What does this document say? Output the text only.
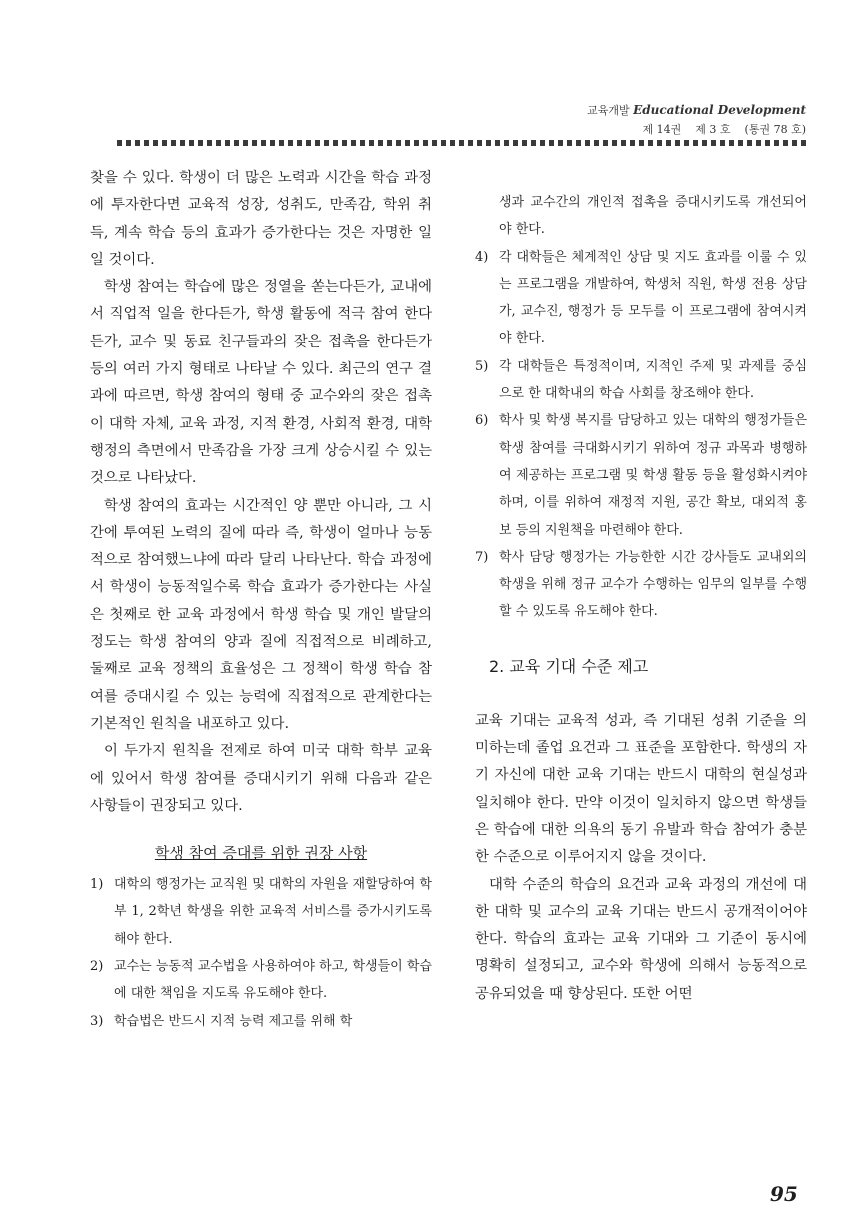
교육개발 Educational Development
제 14권 제 3 호 (통권 78 호)

찾을 수 있다. 학생이 더 많은 노력과 시간을 학습 과정에 투자한다면 교육적 성장, 성취도, 만족감, 학위 취득, 계속 학습 등의 효과가 증가한다는 것은 자명한 일일 것이다.

학생 참여는 학습에 많은 정열을 쏟는다든가, 교내에서 직업적 일을 한다든가, 학생 활동에 적극 참여 한다든가, 교수 및 동료 친구들과의 잦은 접촉을 한다든가 등의 여러 가지 형태로 나타날 수 있다. 최근의 연구 결과에 따르면, 학생 참여의 형태 중 교수와의 잦은 접촉이 대학 자체, 교육 과정, 지적 환경, 사회적 환경, 대학 행정의 측면에서 만족감을 가장 크게 상승시킬 수 있는 것으로 나타났다.

학생 참여의 효과는 시간적인 양 뿐만 아니라, 그 시간에 투여된 노력의 질에 따라 즉, 학생이 얼마나 능동적으로 참여했느냐에 따라 달리 나타난다. 학습 과정에서 학생이 능동적일수록 학습 효과가 증가한다는 사실은 첫째로 한 교육 과정에서 학생 학습 및 개인 발달의 정도는 학생 참여의 양과 질에 직접적으로 비례하고, 둘째로 교육 정책의 효율성은 그 정책이 학생 학습 참여를 증대시킬 수 있는 능력에 직접적으로 관계한다는 기본적인 원칙을 내포하고 있다.

이 두가지 원칙을 전제로 하여 미국 대학 학부 교육에 있어서 학생 참여를 증대시키기 위해 다음과 같은 사항들이 권장되고 있다.

학생 참여 증대를 위한 권장 사항
1) 대학의 행정가는 교직원 및 대학의 자원을 재할당하여 학부 1, 2학년 학생을 위한 교육적 서비스를 증가시키도록 해야 한다.
2) 교수는 능동적 교수법을 사용하여야 하고, 학생들이 학습에 대한 책임을 지도록 유도해야 한다.
3) 학습법은 반드시 지적 능력 제고를 위해 학
생과 교수간의 개인적 접촉을 증대시키도록 개선되어야 한다.
4) 각 대학들은 체계적인 상담 및 지도 효과를 이룰 수 있는 프로그램을 개발하여, 학생처 직원, 학생 전용 상담가, 교수진, 행정가 등 모두를 이 프로그램에 참여시켜야 한다.
5) 각 대학들은 특정적이며, 지적인 주제 및 과제를 중심으로 한 대학내의 학습 사회를 창조해야 한다.
6) 학사 및 학생 복지를 담당하고 있는 대학의 행정가들은 학생 참여를 극대화시키기 위하여 정규 과목과 병행하여 제공하는 프로그램 및 학생 활동 등을 활성화시켜야 하며, 이를 위하여 재정적 지원, 공간 확보, 대외적 홍보 등의 지원책을 마련해야 한다.
7) 학사 담당 행정가는 가능한한 시간 강사들도 교내외의 학생을 위해 정규 교수가 수행하는 임무의 일부를 수행할 수 있도록 유도해야 한다.
2. 교육 기대 수준 제고

교육 기대는 교육적 성과, 즉 기대된 성취 기준을 의미하는데 졸업 요건과 그 표준을 포함한다. 학생의 자기 자신에 대한 교육 기대는 반드시 대학의 현실성과 일치해야 한다. 만약 이것이 일치하지 않으면 학생들은 학습에 대한 의욕의 동기 유발과 학습 참여가 충분한 수준으로 이루어지지 않을 것이다.

대학 수준의 학습의 요건과 교육 과정의 개선에 대한 대학 및 교수의 교육 기대는 반드시 공개적이어야 한다. 학습의 효과는 교육 기대와 그 기준이 동시에 명확히 설정되고, 교수와 학생에 의해서 능동적으로 공유되었을 때 향상된다. 또한 어떤

95
